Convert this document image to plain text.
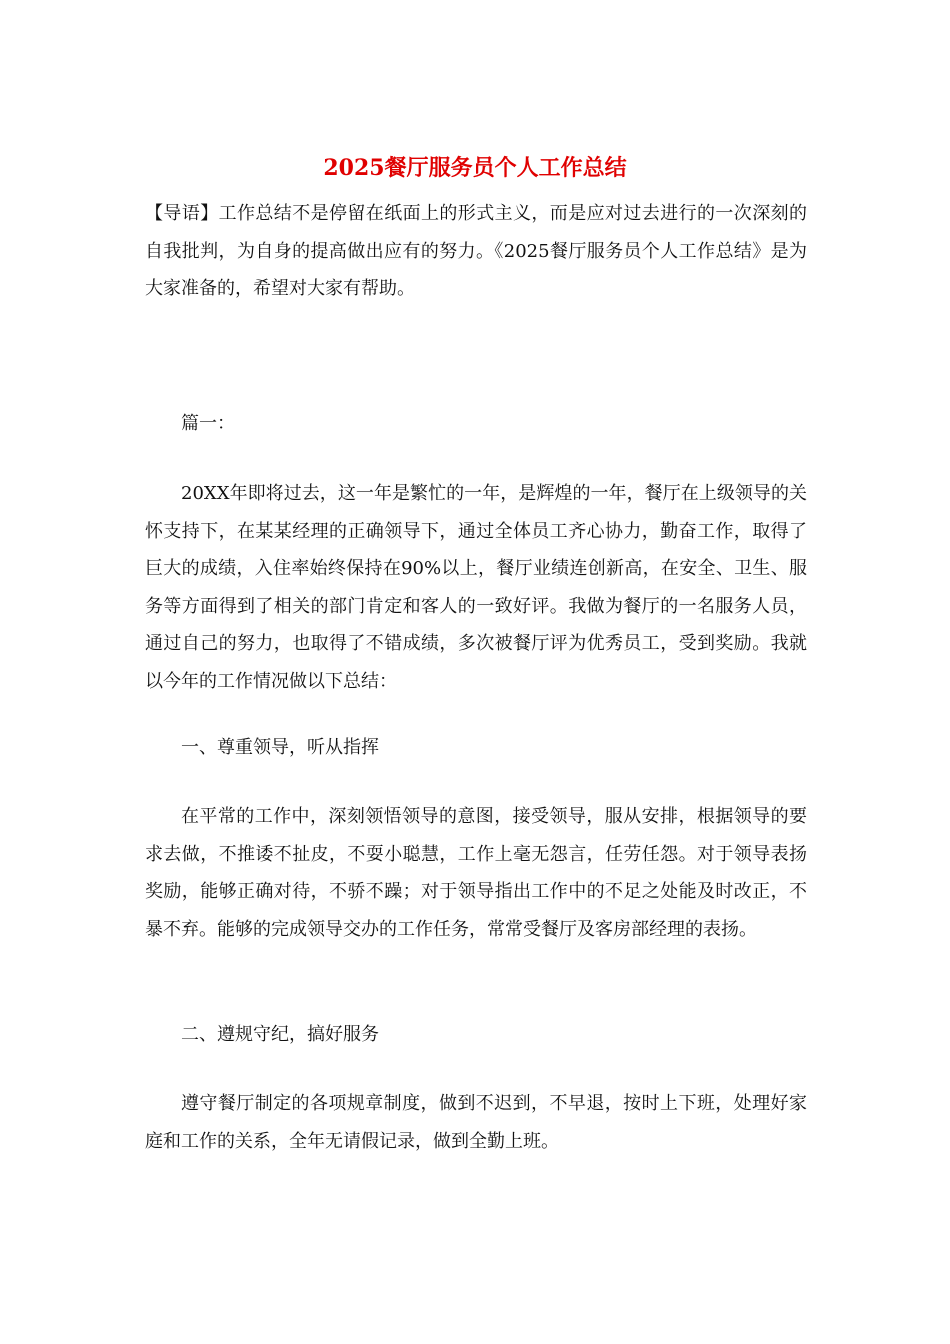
2025餐厅服务员个人工作总结

【导语】工作总结不是停留在纸面上的形式主义，而是应对过去进行的一次深刻的自我批判，为自身的提高做出应有的努力。《2025餐厅服务员个人工作总结》是为大家准备的，希望对大家有帮助。

篇一：

20XX年即将过去，这一年是繁忙的一年，是辉煌的一年，餐厅在上级领导的关怀支持下，在某某经理的正确领导下，通过全体员工齐心协力，勤奋工作，取得了巨大的成绩，入住率始终保持在90%以上，餐厅业绩连创新高，在安全、卫生、服务等方面得到了相关的部门肯定和客人的一致好评。我做为餐厅的一名服务人员，通过自己的努力，也取得了不错成绩，多次被餐厅评为优秀员工，受到奖励。我就以今年的工作情况做以下总结：

一、尊重领导，听从指挥

在平常的工作中，深刻领悟领导的意图，接受领导，服从安排，根据领导的要求去做，不推诿不扯皮，不耍小聪慧，工作上毫无怨言，任劳任怨。对于领导表扬奖励，能够正确对待，不骄不躁；对于领导指出工作中的不足之处能及时改正，不暴不弃。能够的完成领导交办的工作任务，常常受餐厅及客房部经理的表扬。

二、遵规守纪，搞好服务

遵守餐厅制定的各项规章制度，做到不迟到，不早退，按时上下班，处理好家庭和工作的关系，全年无请假记录，做到全勤上班。
